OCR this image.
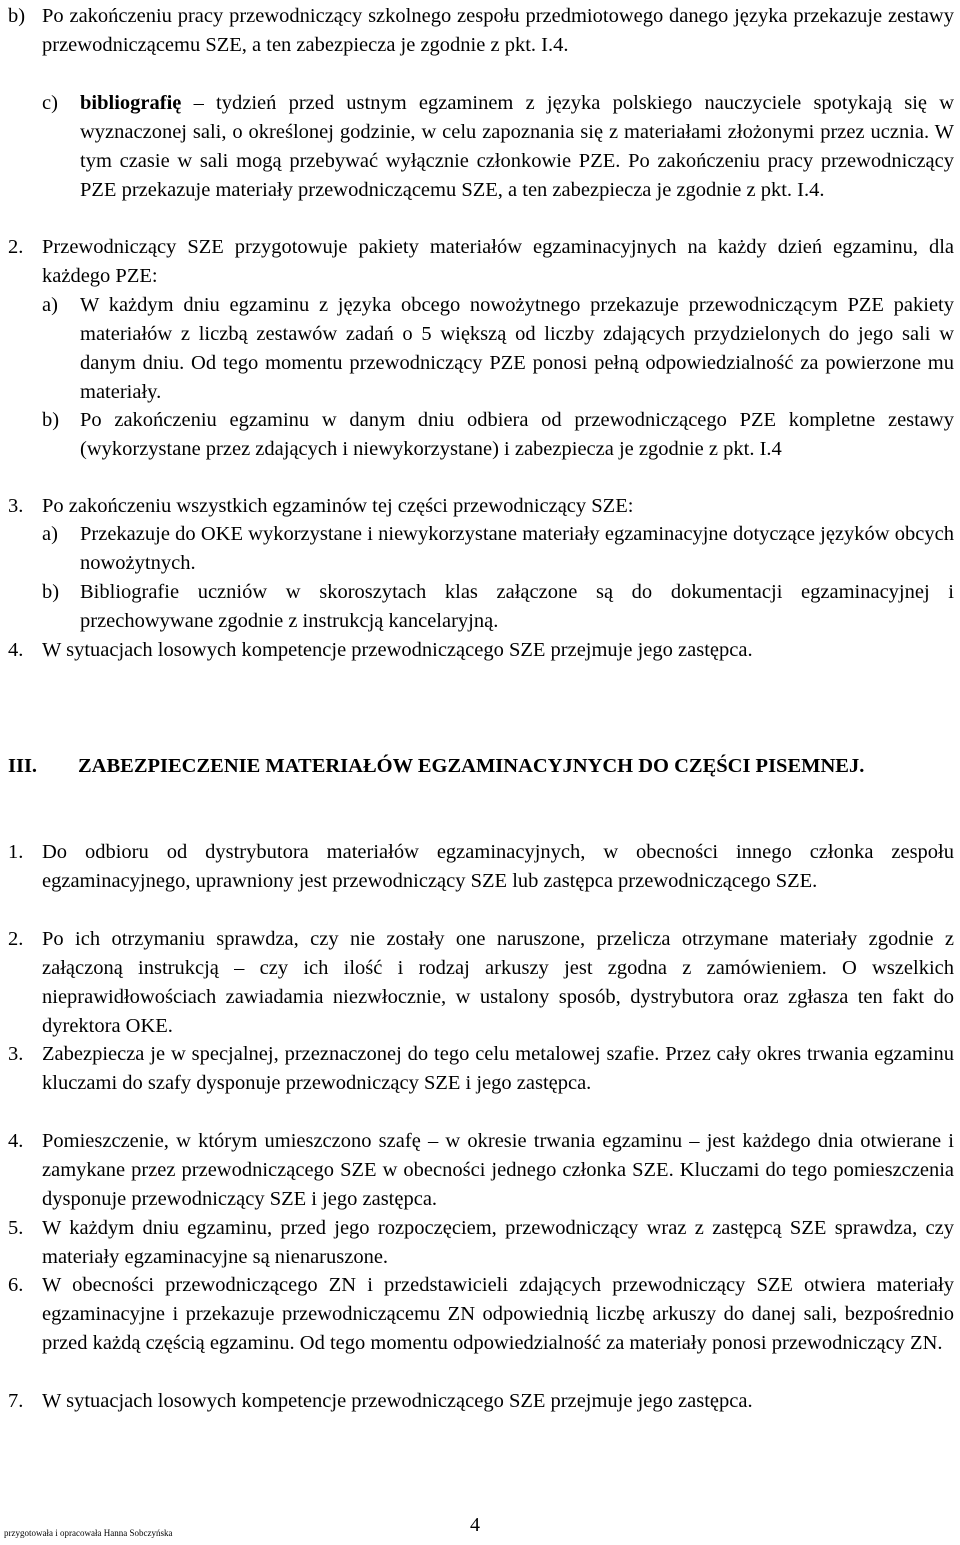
b) Po zakończeniu pracy przewodniczący szkolnego zespołu przedmiotowego danego języka przekazuje zestawy przewodniczącemu SZE, a ten zabezpiecza je zgodnie z pkt. I.4.
c) bibliografię – tydzień przed ustnym egzaminem z języka polskiego nauczyciele spotykają się w wyznaczonej sali, o określonej godzinie, w celu zapoznania się z materiałami złożonymi przez ucznia. W tym czasie w sali mogą przebywać wyłącznie członkowie PZE. Po zakończeniu pracy przewodniczący PZE przekazuje materiały przewodniczącemu SZE, a ten zabezpiecza je zgodnie z pkt. I.4.
2. Przewodniczący SZE przygotowuje pakiety materiałów egzaminacyjnych na każdy dzień egzaminu, dla każdego PZE:
a) W każdym dniu egzaminu z języka obcego nowożytnego przekazuje przewodniczącym PZE pakiety materiałów z liczbą zestawów zadań o 5 większą od liczby zdających przydzielonych do jego sali w danym dniu. Od tego momentu przewodniczący PZE ponosi pełną odpowiedzialność za powierzone mu materiały.
b) Po zakończeniu egzaminu w danym dniu odbiera od przewodniczącego PZE kompletne zestawy (wykorzystane przez zdających i niewykorzystane) i zabezpiecza je zgodnie z pkt. I.4
3. Po zakończeniu wszystkich egzaminów tej części przewodniczący SZE:
a) Przekazuje do OKE wykorzystane i niewykorzystane materiały egzaminacyjne dotyczące języków obcych nowożytnych.
b) Bibliografie uczniów w skoroszytach klas załączone są do dokumentacji egzaminacyjnej i przechowywane zgodnie z instrukcją kancelaryjną.
4. W sytuacjach losowych kompetencje przewodniczącego SZE przejmuje jego zastępca.
III. ZABEZPIECZENIE MATERIAŁÓW EGZAMINACYJNYCH DO CZĘŚCI PISEMNEJ.
1. Do odbioru od dystrybutora materiałów egzaminacyjnych, w obecności innego członka zespołu egzaminacyjnego, uprawniony jest przewodniczący SZE lub zastępca przewodniczącego SZE.
2. Po ich otrzymaniu sprawdza, czy nie zostały one naruszone, przelicza otrzymane materiały zgodnie z załączoną instrukcją – czy ich ilość i rodzaj arkuszy jest zgodna z zamówieniem. O wszelkich nieprawidłowościach zawiadamia niezwłocznie, w ustalony sposób, dystrybutora oraz zgłasza ten fakt do dyrektora OKE.
3. Zabezpiecza je w specjalnej, przeznaczonej do tego celu metalowej szafie. Przez cały okres trwania egzaminu kluczami do szafy dysponuje przewodniczący SZE i jego zastępca.
4. Pomieszczenie, w którym umieszczono szafę – w okresie trwania egzaminu – jest każdego dnia otwierane i zamykane przez przewodniczącego SZE w obecności jednego członka SZE. Kluczami do tego pomieszczenia dysponuje przewodniczący SZE i jego zastępca.
5. W każdym dniu egzaminu, przed jego rozpoczęciem, przewodniczący wraz z zastępcą SZE sprawdza, czy materiały egzaminacyjne są nienaruszone.
6. W obecności przewodniczącego ZN i przedstawicieli zdających przewodniczący SZE otwiera materiały egzaminacyjne i przekazuje przewodniczącemu ZN odpowiednią liczbę arkuszy do danej sali, bezpośrednio przed każdą częścią egzaminu. Od tego momentu odpowiedzialność za materiały ponosi przewodniczący ZN.
7. W sytuacjach losowych kompetencje przewodniczącego SZE przejmuje jego zastępca.
4
przygotowała i opracowała Hanna Sobczyńska
